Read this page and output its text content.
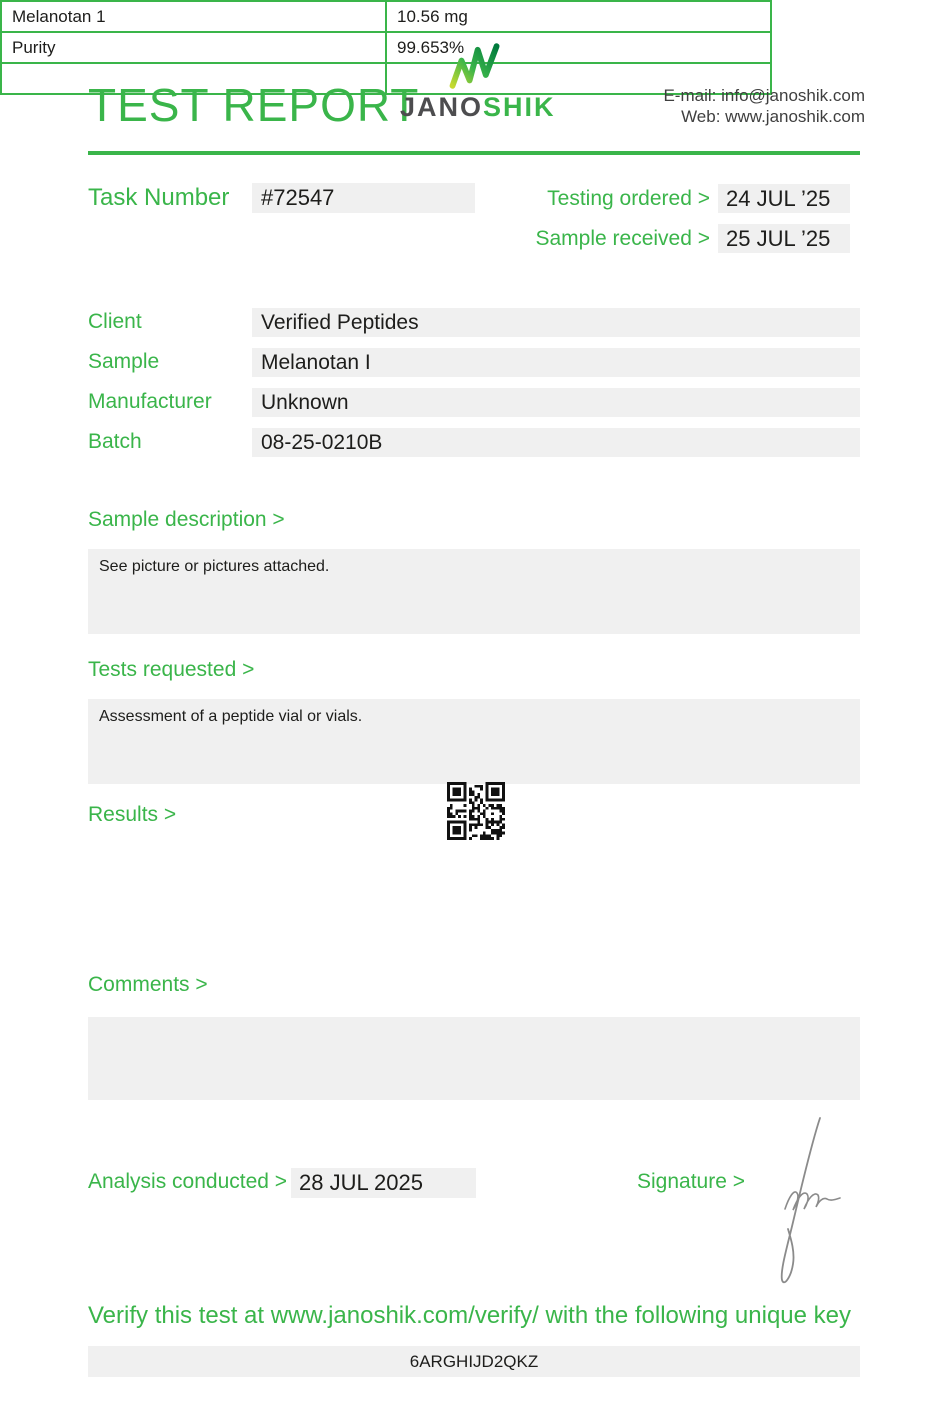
TEST REPORT
JANOSHIK	E-mail: info@janoshik.com
Web: www.janoshik.com
Task Number	#72547	Testing ordered > 24 JUL ’25
Sample received > 25 JUL ’25
Client	Verified Peptides
Sample	Melanotan I
Manufacturer	Unknown
Batch	08-25-0210B
Sample description >
See picture or pictures attached.
Tests requested >
Assessment of a peptide vial or vials.
Results >
Melanotan 1	10.56 mg
Purity	99.653%

Comments >
Analysis conducted > 28 JUL 2025	Signature >
Verify this test at www.janoshik.com/verify/ with the following unique key
6ARGHIJD2QKZ
